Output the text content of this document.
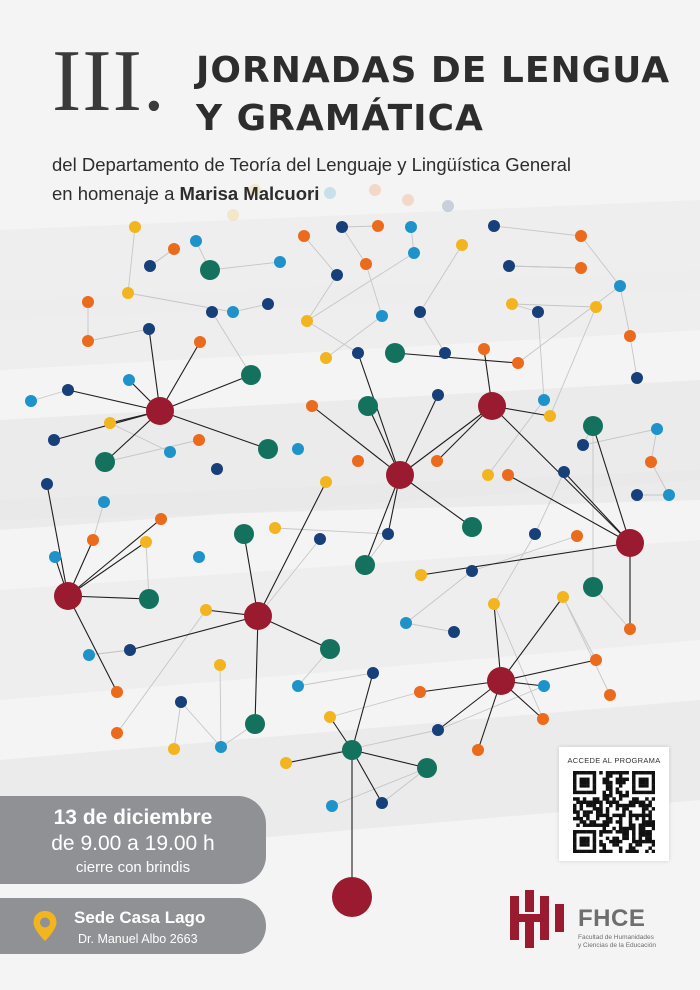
III. JORNADAS DE LENGUA
Y GRAMÁTICA
del Departamento de Teoría del Lenguaje y Lingüística General
en homenaje a Marisa Malcuori
13 de diciembre
de 9.00 a 19.00 h
cierre con brindis
Sede Casa Lago
Dr. Manuel Albo 2663
ACCEDE AL PROGRAMA
FHCE
Facultad de Humanidades
y Ciencias de la Educación
